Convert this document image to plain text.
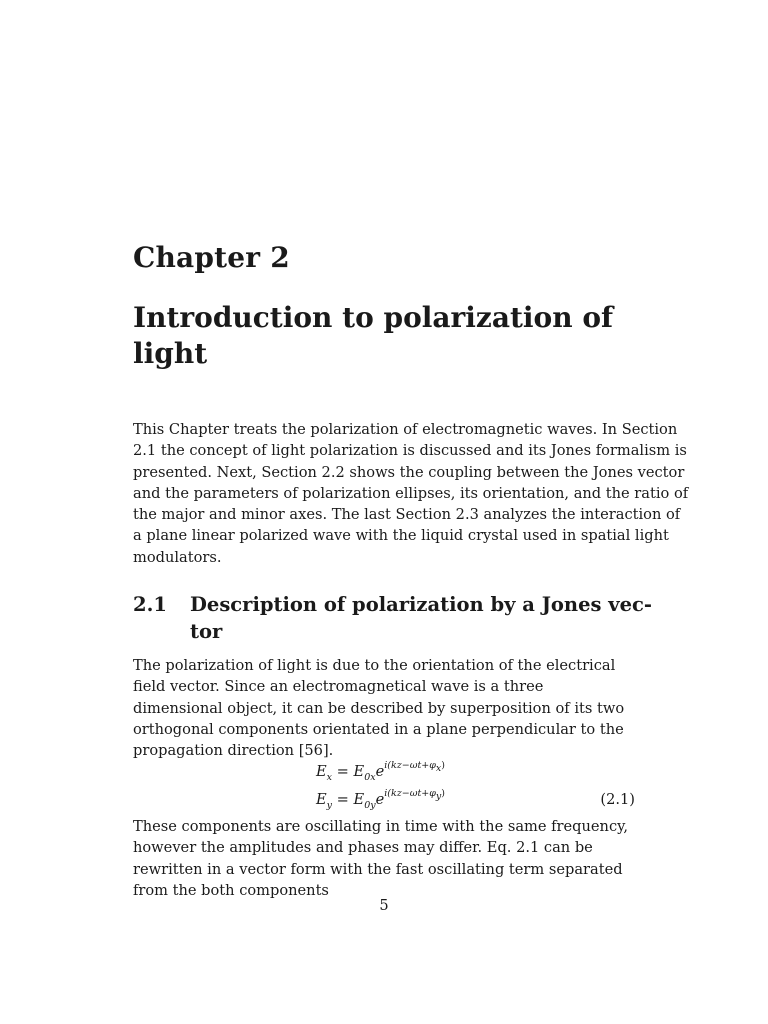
Chapter 2
Introduction to polarization of
light
This Chapter treats the polarization of electromagnetic waves. In Section
2.1 the concept of light polarization is discussed and its Jones formalism is
presented. Next, Section 2.2 shows the coupling between the Jones vector
and the parameters of polarization ellipses, its orientation, and the ratio of
the major and minor axes. The last Section 2.3 analyzes the interaction of
a plane linear polarized wave with the liquid crystal used in spatial light
modulators.
2.1 Description of polarization by a Jones vec-
tor
The polarization of light is due to the orientation of the electrical field vector. Since an electromagnetical wave is a three dimensional object, it can be described by superposition of its two orthogonal components orientated in a plane perpendicular to the propagation direction [56].
$E_x = E_{0x}e^{i(kz-\omega t+\varphi_x)}$
$E_y = E_{0y}e^{i(kz-\omega t+\varphi_y)}$	(2.1)
These components are oscillating in time with the same frequency, however the amplitudes and phases may differ. Eq. 2.1 can be rewritten in a vector form with the fast oscillating term separated from the both components
5
